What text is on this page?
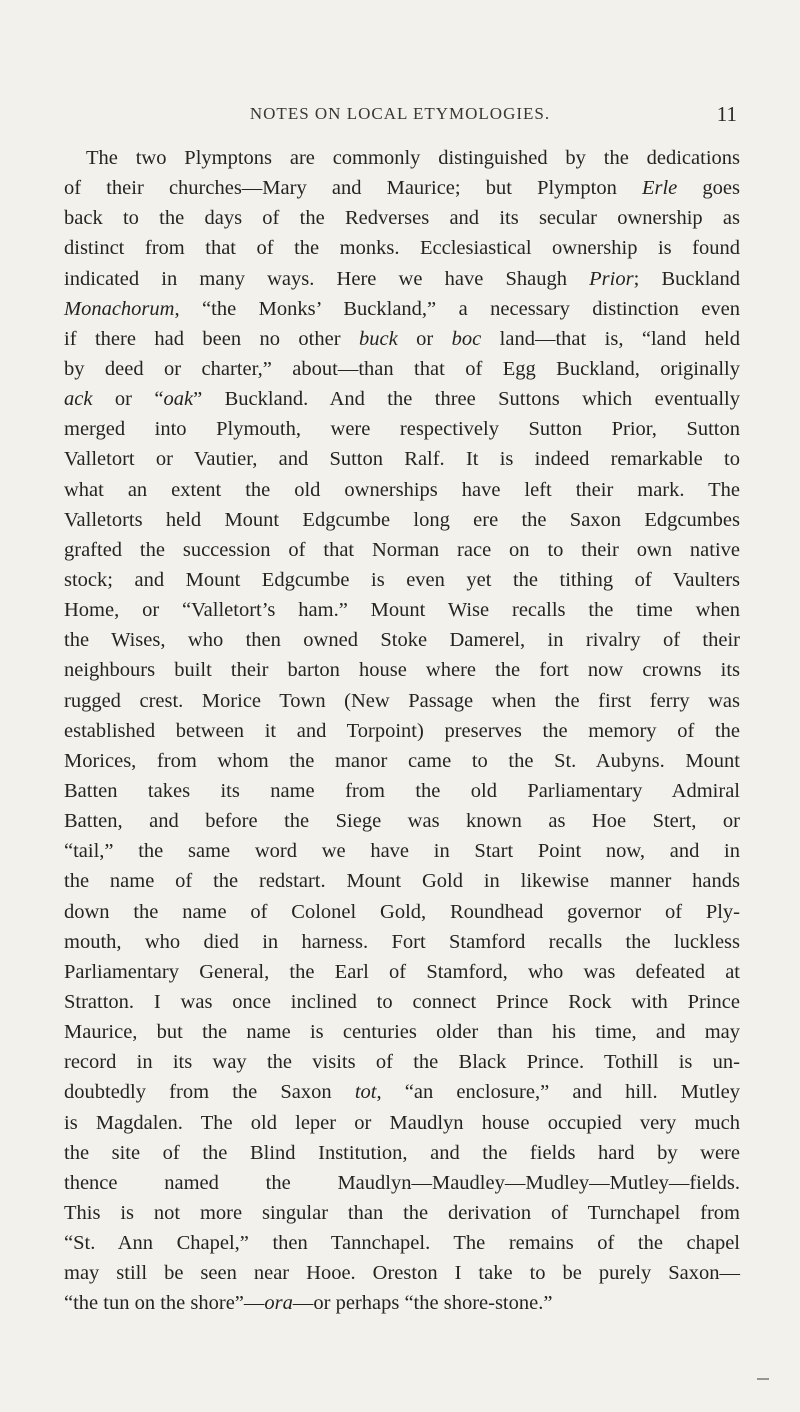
NOTES ON LOCAL ETYMOLOGIES.	11
The two Plymptons are commonly distinguished by the dedications
of their churches—Mary and Maurice; but Plympton Erle goes
back to the days of the Redverses and its secular ownership as
distinct from that of the monks. Ecclesiastical ownership is found
indicated in many ways. Here we have Shaugh Prior; Buckland
Monachorum, “the Monks’ Buckland,” a necessary distinction even
if there had been no other buck or boc land—that is, “land held
by deed or charter,” about—than that of Egg Buckland, originally
ack or “oak” Buckland. And the three Suttons which eventually
merged into Plymouth, were respectively Sutton Prior, Sutton
Valletort or Vautier, and Sutton Ralf. It is indeed remarkable to
what an extent the old ownerships have left their mark. The
Valletorts held Mount Edgcumbe long ere the Saxon Edgcumbes
grafted the succession of that Norman race on to their own native
stock; and Mount Edgcumbe is even yet the tithing of Vaulters
Home, or “Valletort’s ham.” Mount Wise recalls the time when
the Wises, who then owned Stoke Damerel, in rivalry of their
neighbours built their barton house where the fort now crowns its
rugged crest. Morice Town (New Passage when the first ferry was
established between it and Torpoint) preserves the memory of the
Morices, from whom the manor came to the St. Aubyns. Mount
Batten takes its name from the old Parliamentary Admiral
Batten, and before the Siege was known as Hoe Stert, or
“tail,” the same word we have in Start Point now, and in
the name of the redstart. Mount Gold in likewise manner hands
down the name of Colonel Gold, Roundhead governor of Ply-
mouth, who died in harness. Fort Stamford recalls the luckless
Parliamentary General, the Earl of Stamford, who was defeated at
Stratton. I was once inclined to connect Prince Rock with Prince
Maurice, but the name is centuries older than his time, and may
record in its way the visits of the Black Prince. Tothill is un-
doubtedly from the Saxon tot, “an enclosure,” and hill. Mutley
is Magdalen. The old leper or Maudlyn house occupied very much
the site of the Blind Institution, and the fields hard by were
thence named the Maudlyn—Maudley—Mudley—Mutley—fields.
This is not more singular than the derivation of Turnchapel from
“St. Ann Chapel,” then Tannchapel. The remains of the chapel
may still be seen near Hooe. Oreston I take to be purely Saxon—
“the tun on the shore”—ora—or perhaps “the shore-stone.”
